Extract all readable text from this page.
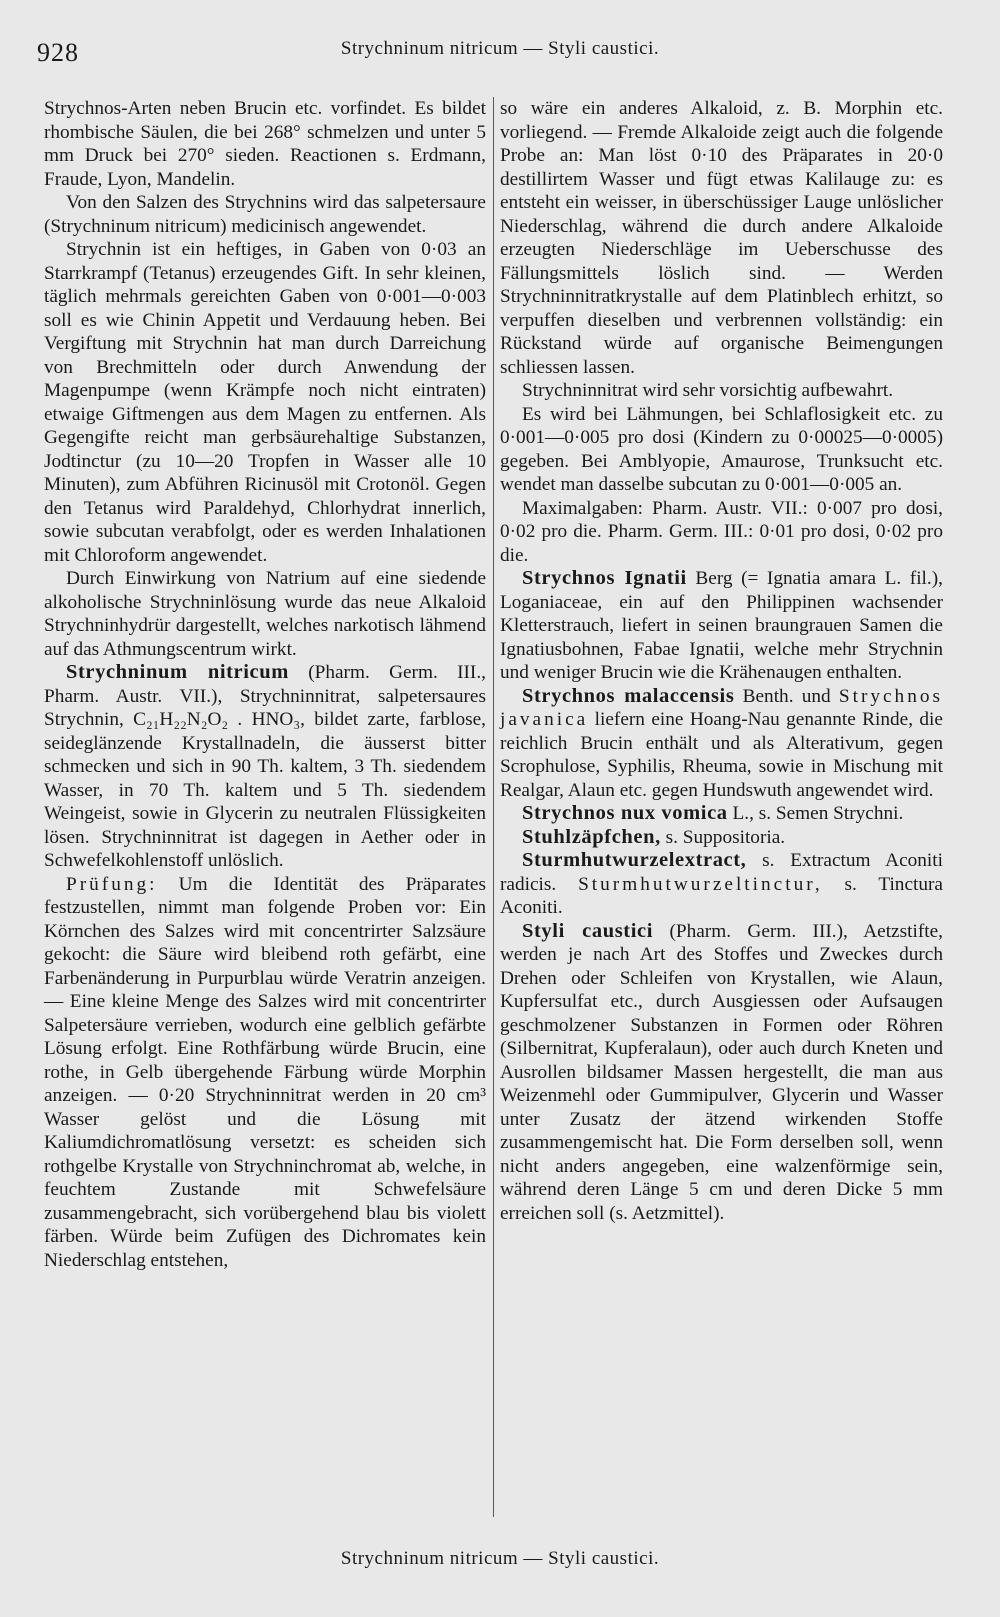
928	Strychninum nitricum — Styli caustici.

Strychnos-Arten neben Brucin etc. vorfindet. Es bildet rhombische Säulen, die bei 268° schmelzen und unter 5 mm Druck bei 270° sieden. Reactionen s. Erdmann, Fraude, Lyon, Mandelin.

Von den Salzen des Strychnins wird das salpetersaure (Strychninum nitricum) medicinisch angewendet.

Strychnin ist ein heftiges, in Gaben von 0·03 an Starrkrampf (Tetanus) erzeugendes Gift. In sehr kleinen, täglich mehrmals gereichten Gaben von 0·001—0·003 soll es wie Chinin Appetit und Verdauung heben. Bei Vergiftung mit Strychnin hat man durch Darreichung von Brechmitteln oder durch Anwendung der Magenpumpe (wenn Krämpfe noch nicht eintraten) etwaige Giftmengen aus dem Magen zu entfernen. Als Gegengifte reicht man gerbsäurehaltige Substanzen, Jodtinctur (zu 10—20 Tropfen in Wasser alle 10 Minuten), zum Abführen Ricinusöl mit Crotonöl. Gegen den Tetanus wird Paraldehyd, Chlorhydrat innerlich, sowie subcutan verabfolgt, oder es werden Inhalationen mit Chloroform angewendet.

Durch Einwirkung von Natrium auf eine siedende alkoholische Strychninlösung wurde das neue Alkaloid Strychninhydrür dargestellt, welches narkotisch lähmend auf das Athmungscentrum wirkt.

Strychninum nitricum (Pharm. Germ. III., Pharm. Austr. VII.), Strychninnitrat, salpetersaures Strychnin, C₂₁H₂₂N₂O₂ . HNO₃, bildet zarte, farblose, seideglänzende Krystallnadeln, die äusserst bitter schmecken und sich in 90 Th. kaltem, 3 Th. siedendem Wasser, in 70 Th. kaltem und 5 Th. siedendem Weingeist, sowie in Glycerin zu neutralen Flüssigkeiten lösen. Strychninnitrat ist dagegen in Aether oder in Schwefelkohlenstoff unlöslich.

Prüfung: Um die Identität des Präparates festzustellen, nimmt man folgende Proben vor: Ein Körnchen des Salzes wird mit concentrirter Salzsäure gekocht: die Säure wird bleibend roth gefärbt, eine Farbenänderung in Purpurblau würde Veratrin anzeigen. — Eine kleine Menge des Salzes wird mit concentrirter Salpetersäure verrieben, wodurch eine gelblich gefärbte Lösung erfolgt. Eine Rothfärbung würde Brucin, eine rothe, in Gelb übergehende Färbung würde Morphin anzeigen. — 0·20 Strychninnitrat werden in 20 cm³ Wasser gelöst und die Lösung mit Kaliumdichromatlösung versetzt: es scheiden sich rothgelbe Krystalle von Strychninchromat ab, welche, in feuchtem Zustande mit Schwefelsäure zusammengebracht, sich vorübergehend blau bis violett färben. Würde beim Zufügen des Dichromates kein Niederschlag entstehen,

so wäre ein anderes Alkaloid, z. B. Morphin etc. vorliegend. — Fremde Alkaloide zeigt auch die folgende Probe an: Man löst 0·10 des Präparates in 20·0 destillirtem Wasser und fügt etwas Kalilauge zu: es entsteht ein weisser, in überschüssiger Lauge unlöslicher Niederschlag, während die durch andere Alkaloide erzeugten Niederschläge im Ueberschusse des Fällungsmittels löslich sind. — Werden Strychninnitratkrystalle auf dem Platinblech erhitzt, so verpuffen dieselben und verbrennen vollständig: ein Rückstand würde auf organische Beimengungen schliessen lassen.

Strychninnitrat wird sehr vorsichtig aufbewahrt.

Es wird bei Lähmungen, bei Schlaflosigkeit etc. zu 0·001—0·005 pro dosi (Kindern zu 0·00025—0·0005) gegeben. Bei Amblyopie, Amaurose, Trunksucht etc. wendet man dasselbe subcutan zu 0·001—0·005 an.

Maximalgaben: Pharm. Austr. VII.: 0·007 pro dosi, 0·02 pro die. Pharm. Germ. III.: 0·01 pro dosi, 0·02 pro die.

Strychnos Ignatii Berg (= Ignatia amara L. fil.), Loganiaceae, ein auf den Philippinen wachsender Kletterstrauch, liefert in seinen braungrauen Samen die Ignatiusbohnen, Fabae Ignatii, welche mehr Strychnin und weniger Brucin wie die Krähenaugen enthalten.

Strychnos malaccensis Benth. und Strychnos javanica liefern eine Hoang-Nau genannte Rinde, die reichlich Brucin enthält und als Alterativum, gegen Scrophulose, Syphilis, Rheuma, sowie in Mischung mit Realgar, Alaun etc. gegen Hundswuth angewendet wird.

Strychnos nux vomica L., s. Semen Strychni.

Stuhlzäpfchen, s. Suppositoria.

Sturmhutwurzelextract, s. Extractum Aconiti radicis. Sturmhutwurzeltinctur, s. Tinctura Aconiti.

Styli caustici (Pharm. Germ. III.), Aetzstifte, werden je nach Art des Stoffes und Zweckes durch Drehen oder Schleifen von Krystallen, wie Alaun, Kupfersulfat etc., durch Ausgiessen oder Aufsaugen geschmolzener Substanzen in Formen oder Röhren (Silbernitrat, Kupferalaun), oder auch durch Kneten und Ausrollen bildsamer Massen hergestellt, die man aus Weizenmehl oder Gummipulver, Glycerin und Wasser unter Zusatz der ätzend wirkenden Stoffe zusammengemischt hat. Die Form derselben soll, wenn nicht anders angegeben, eine walzenförmige sein, während deren Länge 5 cm und deren Dicke 5 mm erreichen soll (s. Aetzmittel).

Strychninum nitricum — Styli caustici.
